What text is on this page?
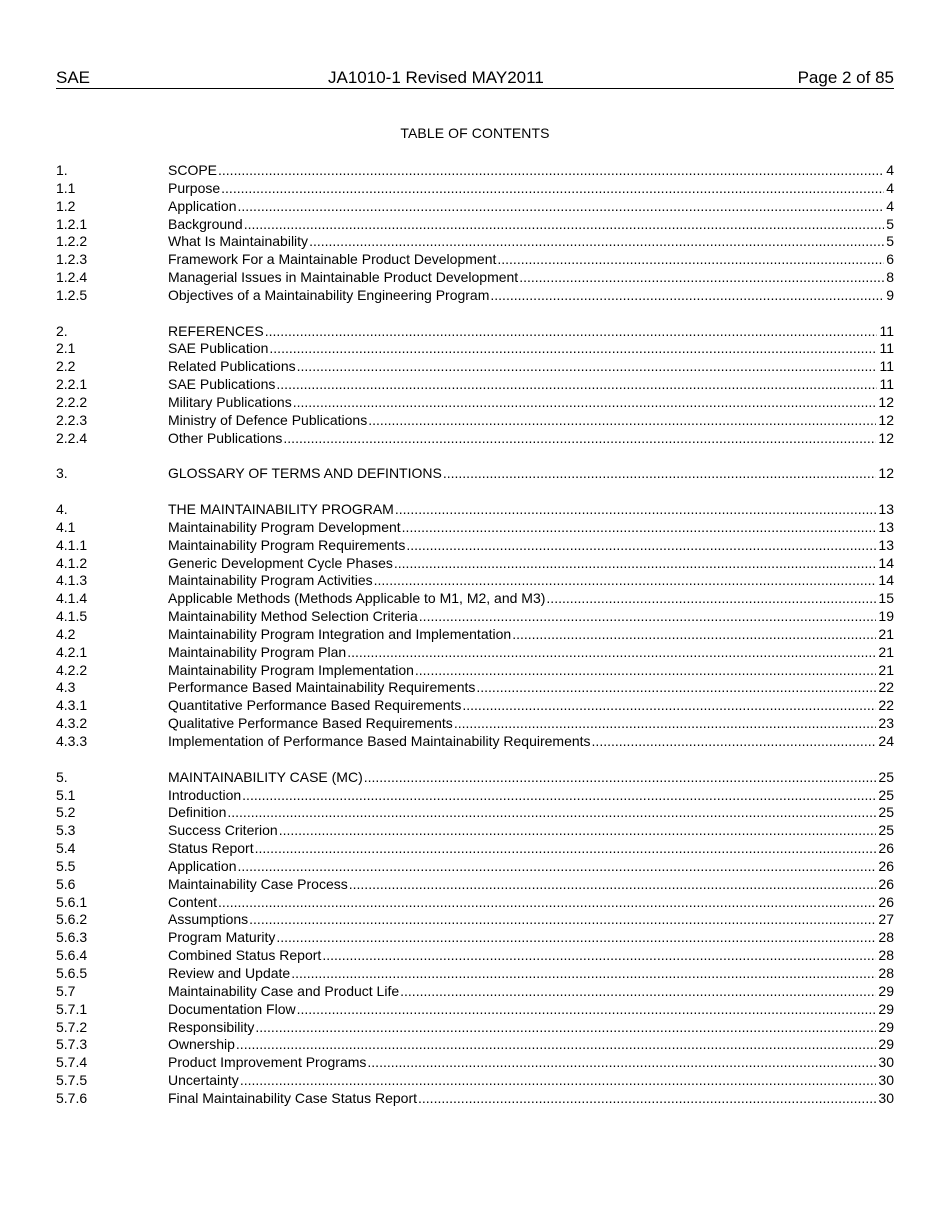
SAE	JA1010-1 Revised MAY2011	Page 2 of 85
TABLE OF CONTENTS
1.	SCOPE .....	4
1.1	Purpose .....	4
1.2	Application .....	4
1.2.1	Background .....	5
1.2.2	What Is Maintainability .....	5
1.2.3	Framework For a Maintainable Product Development .....	6
1.2.4	Managerial Issues in Maintainable Product Development .....	8
1.2.5	Objectives of a Maintainability Engineering Program .....	9
2.	REFERENCES .....	11
2.1	SAE Publication .....	11
2.2	Related Publications .....	11
2.2.1	SAE Publications .....	11
2.2.2	Military Publications .....	12
2.2.3	Ministry of Defence Publications .....	12
2.2.4	Other Publications .....	12
3.	GLOSSARY OF TERMS AND DEFINTIONS .....	12
4.	THE MAINTAINABILITY PROGRAM .....	13
4.1	Maintainability Program Development .....	13
4.1.1	Maintainability Program Requirements .....	13
4.1.2	Generic Development Cycle Phases .....	14
4.1.3	Maintainability Program Activities .....	14
4.1.4	Applicable Methods (Methods Applicable to M1, M2, and M3) .....	15
4.1.5	Maintainability Method Selection Criteria .....	19
4.2	Maintainability Program Integration and Implementation .....	21
4.2.1	Maintainability Program Plan .....	21
4.2.2	Maintainability Program Implementation .....	21
4.3	Performance Based Maintainability Requirements .....	22
4.3.1	Quantitative Performance Based Requirements .....	22
4.3.2	Qualitative Performance Based Requirements .....	23
4.3.3	Implementation of Performance Based Maintainability Requirements .....	24
5.	MAINTAINABILITY CASE (MC) .....	25
5.1	Introduction .....	25
5.2	Definition .....	25
5.3	Success Criterion .....	25
5.4	Status Report .....	26
5.5	Application .....	26
5.6	Maintainability Case Process .....	26
5.6.1	Content .....	26
5.6.2	Assumptions .....	27
5.6.3	Program Maturity .....	28
5.6.4	Combined Status Report .....	28
5.6.5	Review and Update .....	28
5.7	Maintainability Case and Product Life .....	29
5.7.1	Documentation Flow .....	29
5.7.2	Responsibility .....	29
5.7.3	Ownership .....	29
5.7.4	Product Improvement Programs .....	30
5.7.5	Uncertainty .....	30
5.7.6	Final Maintainability Case Status Report .....	30
